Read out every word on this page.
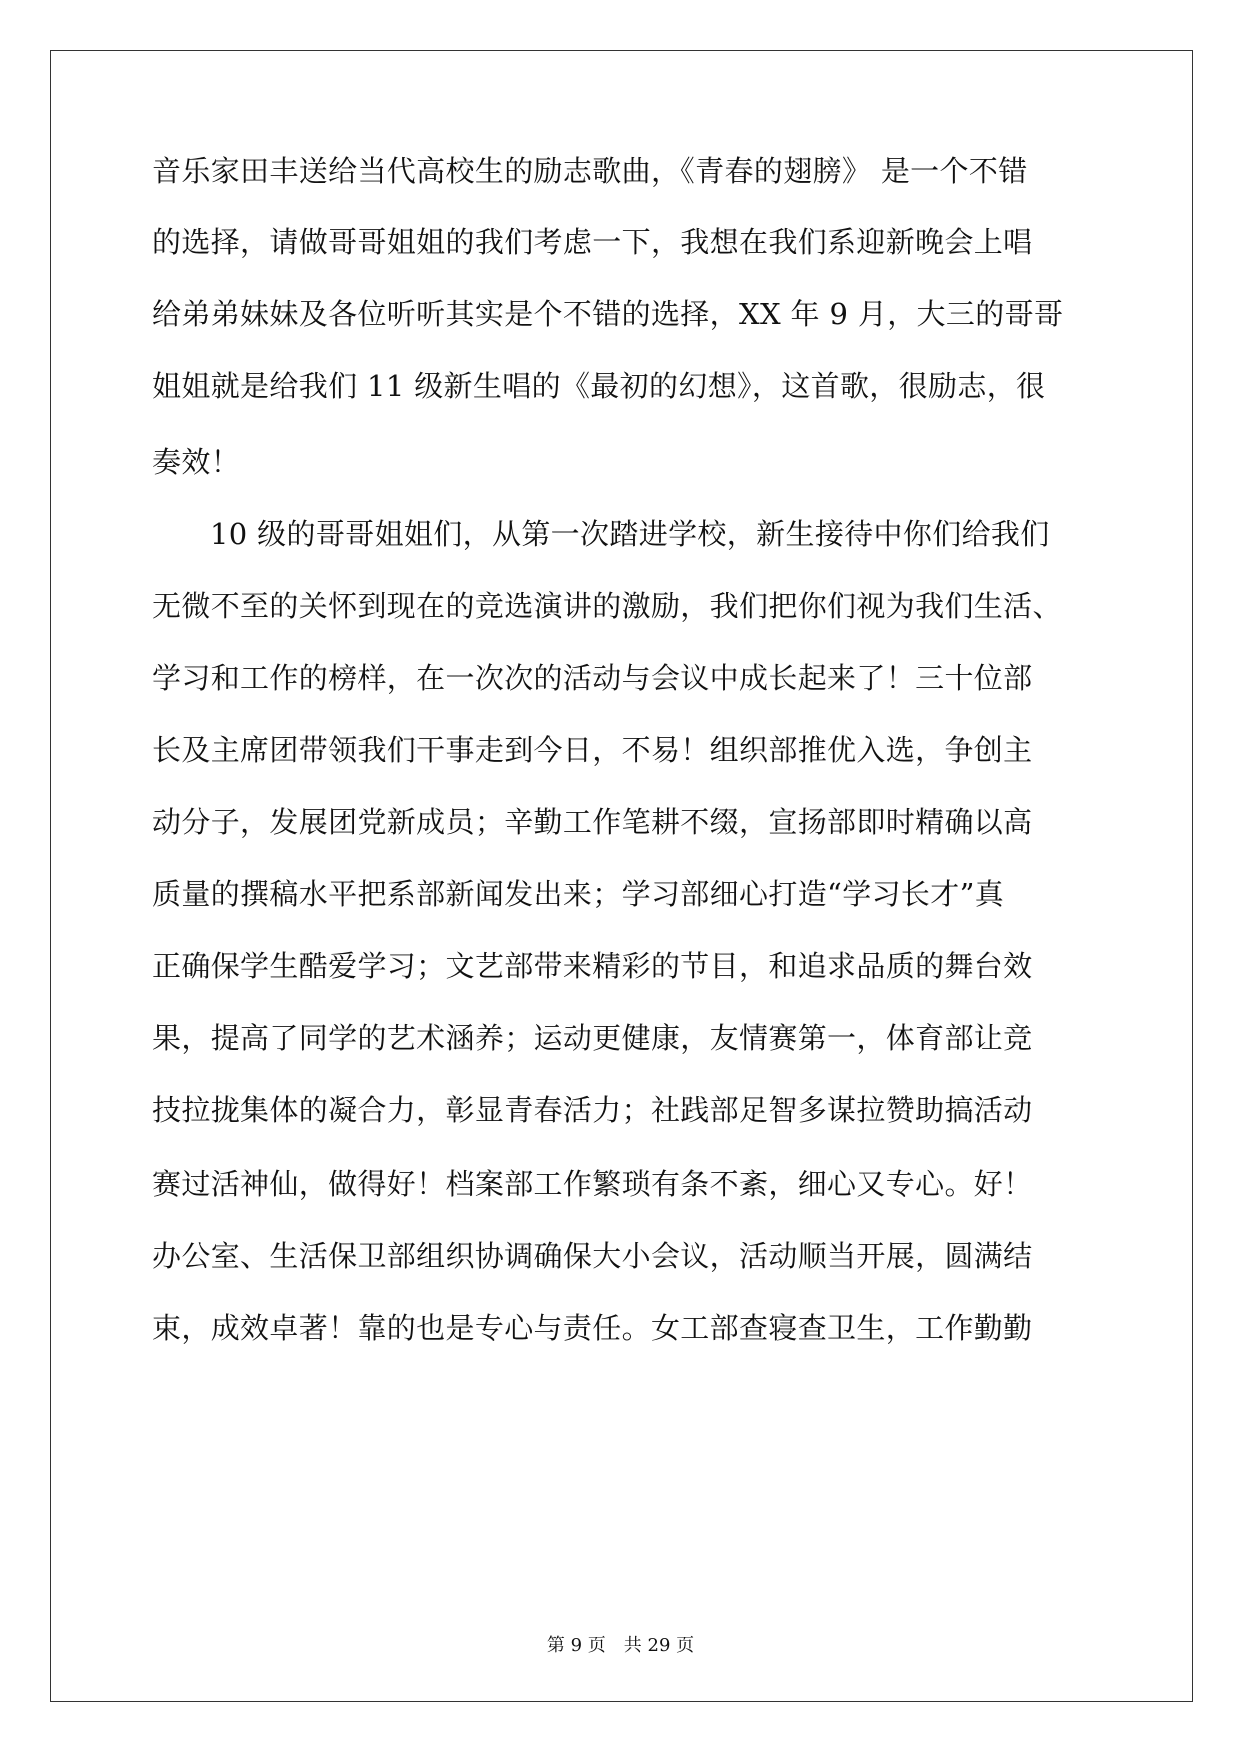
音乐家田丰送给当代高校生的励志歌曲，《青春的翅膀》 是一个不错
的选择，请做哥哥姐姐的我们考虑一下，我想在我们系迎新晚会上唱
给弟弟妹妹及各位听听其实是个不错的选择，XX 年 9 月，大三的哥哥
姐姐就是给我们 11 级新生唱的《最初的幻想》，这首歌，很励志，很
奏效！
10 级的哥哥姐姐们，从第一次踏进学校，新生接待中你们给我们
无微不至的关怀到现在的竞选演讲的激励，我们把你们视为我们生活、
学习和工作的榜样，在一次次的活动与会议中成长起来了！三十位部
长及主席团带领我们干事走到今日，不易！组织部推优入选，争创主
动分子，发展团党新成员；辛勤工作笔耕不缀，宣扬部即时精确以高
质量的撰稿水平把系部新闻发出来；学习部细心打造“学习长才”真
正确保学生酷爱学习；文艺部带来精彩的节目，和追求品质的舞台效
果，提高了同学的艺术涵养；运动更健康，友情赛第一，体育部让竞
技拉拢集体的凝合力，彰显青春活力；社践部足智多谋拉赞助搞活动
赛过活神仙，做得好！档案部工作繁琐有条不紊，细心又专心。好！
办公室、生活保卫部组织协调确保大小会议，活动顺当开展，圆满结
束，成效卓著！靠的也是专心与责任。女工部查寝查卫生，工作勤勤
第 9 页 共 29 页
